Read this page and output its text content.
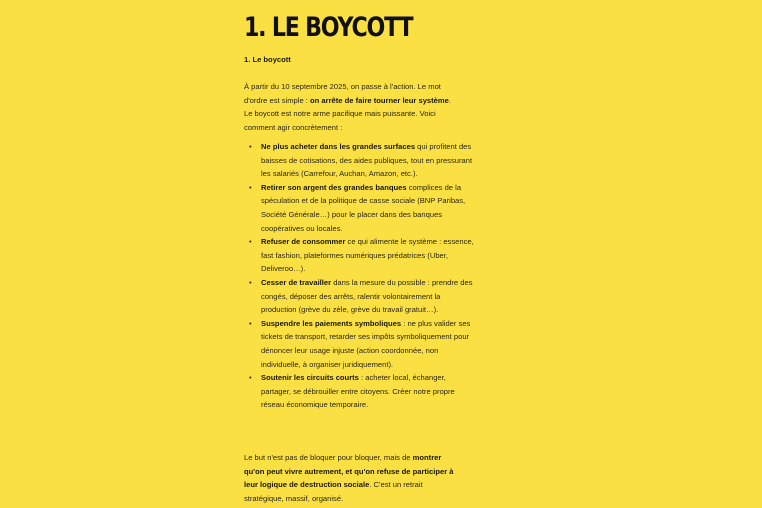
1. LE BOYCOTT
1. Le boycott

À partir du 10 septembre 2025, on passe à l'action. Le mot d'ordre est simple : on arrête de faire tourner leur système. Le boycott est notre arme pacifique mais puissante. Voici comment agir concrètement :

• Ne plus acheter dans les grandes surfaces qui profitent des baisses de cotisations, des aides publiques, tout en pressurant les salariés (Carrefour, Auchan, Amazon, etc.).
• Retirer son argent des grandes banques complices de la spéculation et de la politique de casse sociale (BNP Paribas, Société Générale…) pour le placer dans des banques coopératives ou locales.
• Refuser de consommer ce qui alimente le système : essence, fast fashion, plateformes numériques prédatrices (Uber, Deliveroo…).
• Cesser de travailler dans la mesure du possible : prendre des congés, déposer des arrêts, ralentir volontairement la production (grève du zèle, grève du travail gratuit…).
• Suspendre les paiements symboliques : ne plus valider ses tickets de transport, retarder ses impôts symboliquement pour dénoncer leur usage injuste (action coordonnée, non individuelle, à organiser juridiquement).
• Soutenir les circuits courts : acheter local, échanger, partager, se débrouiller entre citoyens. Créer notre propre réseau économique temporaire.

Le but n'est pas de bloquer pour bloquer, mais de montrer qu'on peut vivre autrement, et qu'on refuse de participer à leur logique de destruction sociale. C'est un retrait stratégique, massif, organisé.
